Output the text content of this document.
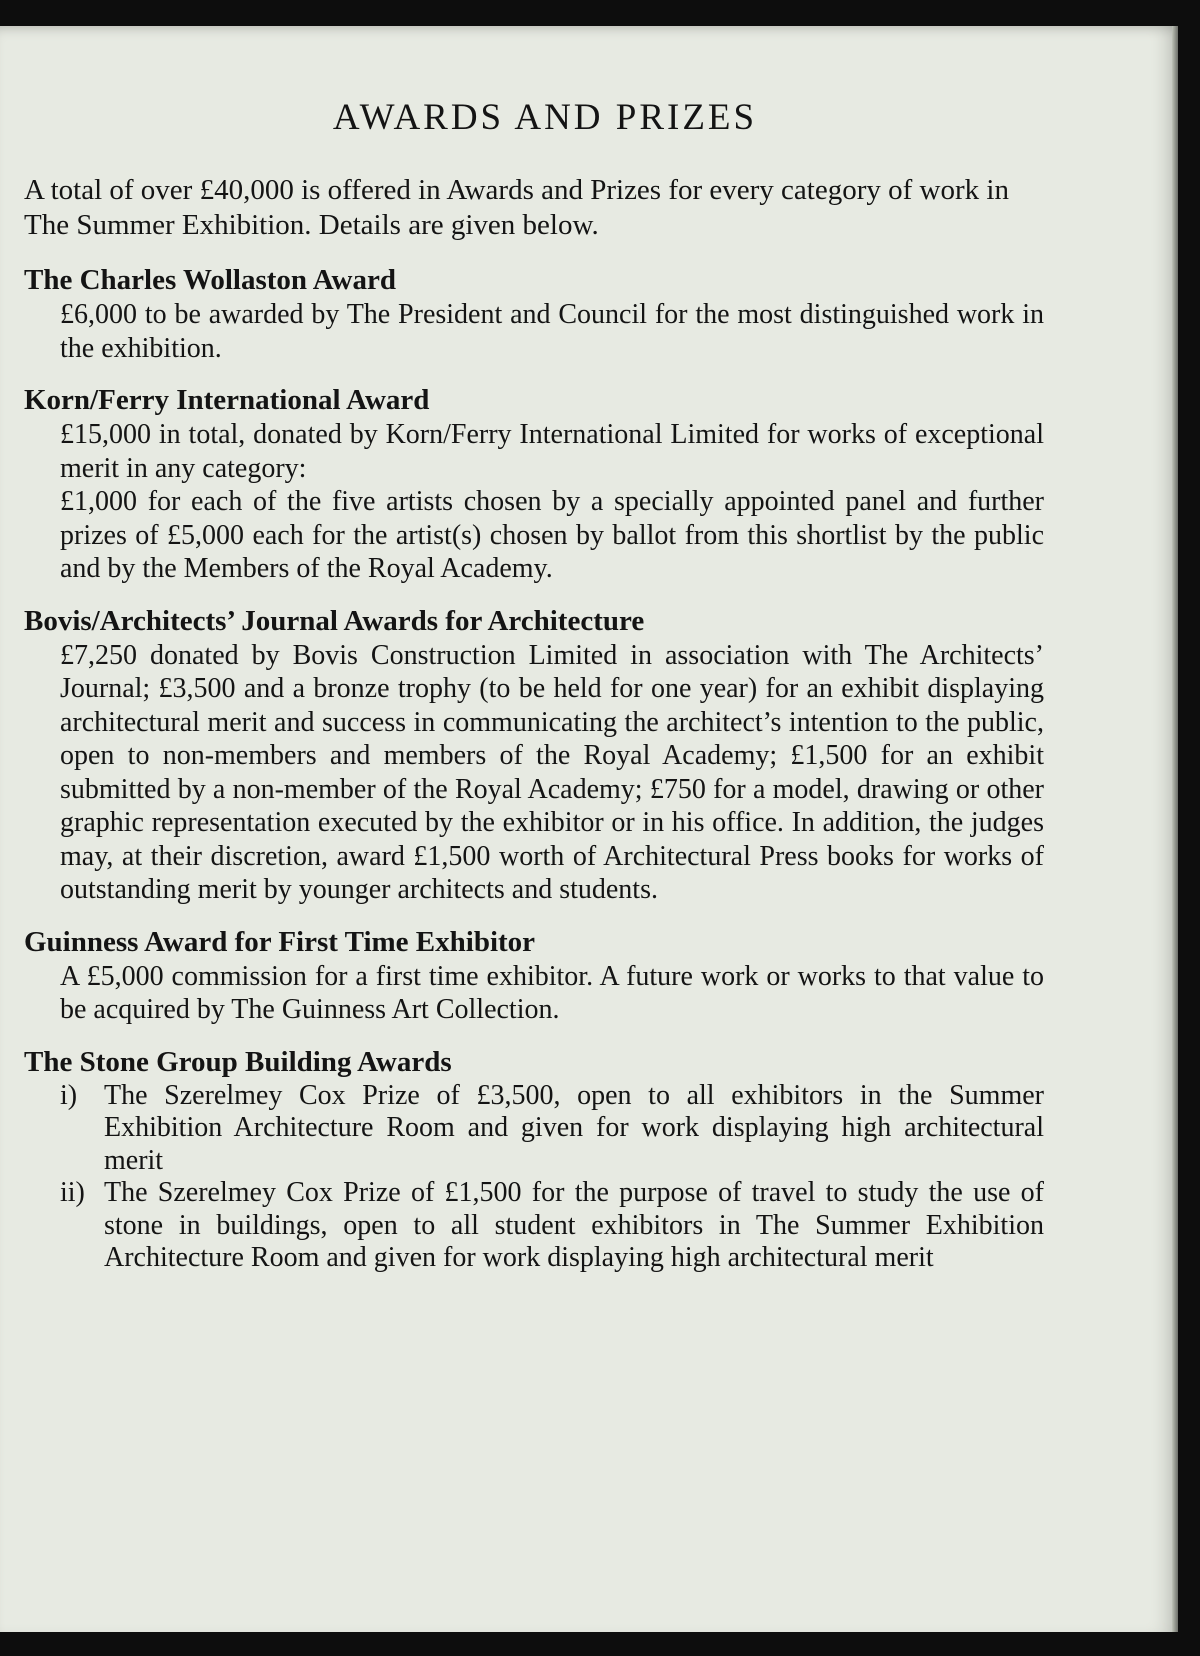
AWARDS AND PRIZES

A total of over £40,000 is offered in Awards and Prizes for every category of work in The Summer Exhibition. Details are given below.

The Charles Wollaston Award

£6,000 to be awarded by The President and Council for the most distinguished work in the exhibition.

Korn/Ferry International Award

£15,000 in total, donated by Korn/Ferry International Limited for works of exceptional merit in any category:

£1,000 for each of the five artists chosen by a specially appointed panel and further prizes of £5,000 each for the artist(s) chosen by ballot from this shortlist by the public and by the Members of the Royal Academy.

Bovis/Architects’ Journal Awards for Architecture

£7,250 donated by Bovis Construction Limited in association with The Architects’ Journal; £3,500 and a bronze trophy (to be held for one year) for an exhibit displaying architectural merit and success in communicating the architect’s intention to the public, open to non-members and members of the Royal Academy; £1,500 for an exhibit submitted by a non-member of the Royal Academy; £750 for a model, drawing or other graphic representation executed by the exhibitor or in his office. In addition, the judges may, at their discretion, award £1,500 worth of Architectural Press books for works of outstanding merit by younger architects and students.

Guinness Award for First Time Exhibitor

A £5,000 commission for a first time exhibitor. A future work or works to that value to be acquired by The Guinness Art Collection.

The Stone Group Building Awards

i) The Szerelmey Cox Prize of £3,500, open to all exhibitors in the Summer Exhibition Architecture Room and given for work displaying high architectural merit
ii) The Szerelmey Cox Prize of £1,500 for the purpose of travel to study the use of stone in buildings, open to all student exhibitors in The Summer Exhibition Architecture Room and given for work displaying high architectural merit
